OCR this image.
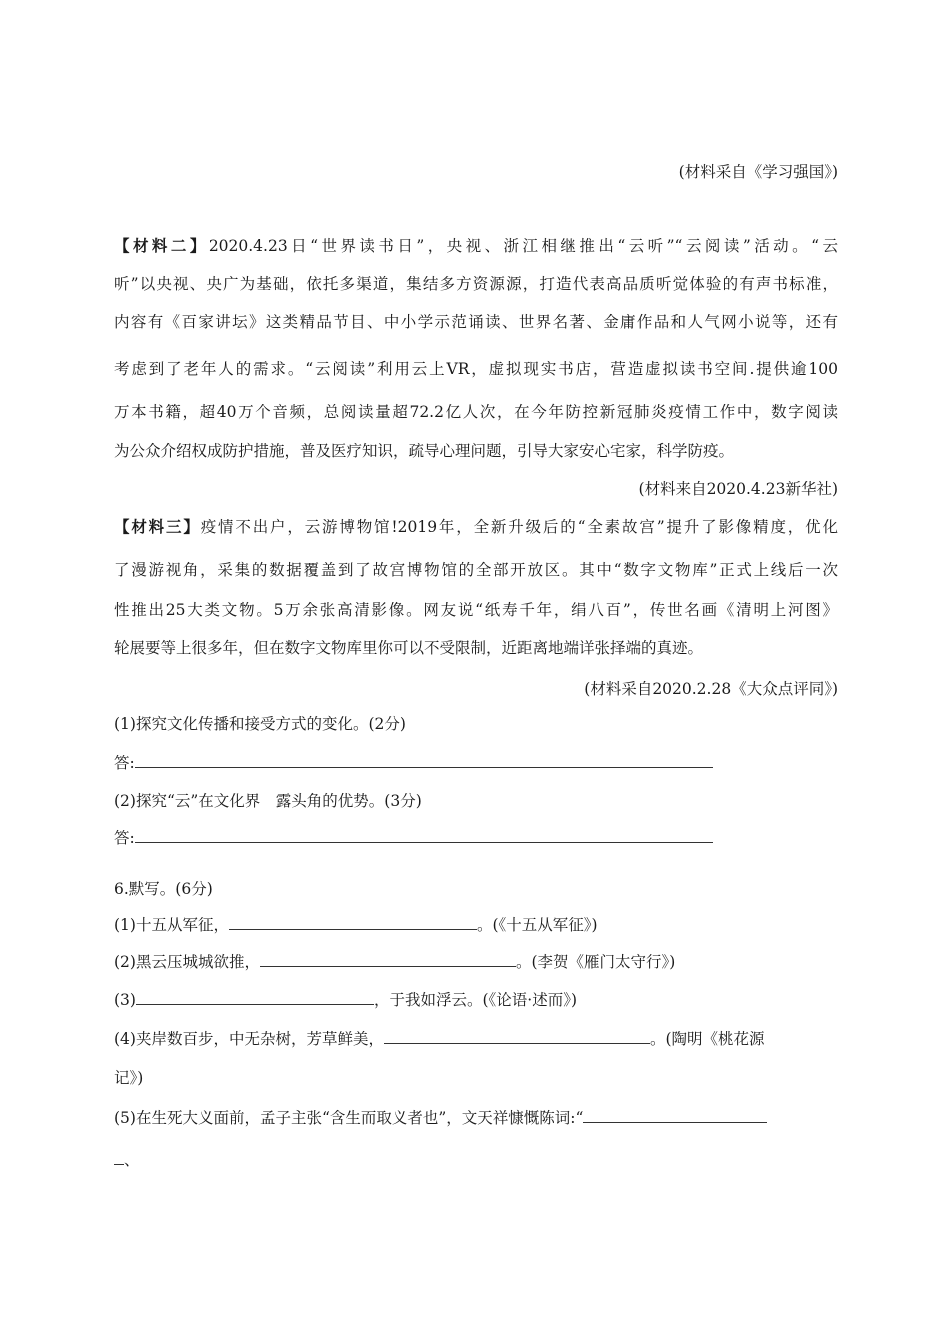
(材料采自《学习强国》)
【材料二】2020.4.23日“世界读书日”，央视、浙江相继推出“云听”“云阅读”活动。“云
听”以央视、央广为基础，依托多渠道，集结多方资源源，打造代表高品质听觉体验的有声书标准，
内容有《百家讲坛》这类精品节目、中小学示范诵读、世界名著、金庸作品和人气网小说等，还有
考虑到了老年人的需求。“云阅读”利用云上VR，虚拟现实书店，营造虚拟读书空间.提供逾100
万本书籍，超40万个音频，总阅读量超72.2亿人次，在今年防控新冠肺炎疫情工作中，数字阅读
为公众介绍权成防护措施，普及医疗知识，疏导心理问题，引导大家安心宅家，科学防疫。
(材料来自2020.4.23新华社)
【材料三】疫情不出户，云游博物馆!2019年，全新升级后的“全素故宫”提升了影像精度，优化
了漫游视角，采集的数据覆盖到了故宫博物馆的全部开放区。其中“数字文物库”正式上线后一次
性推出25大类文物。5万余张高清影像。网友说“纸寿千年，绢八百”，传世名画《清明上河图》
轮展要等上很多年，但在数字文物库里你可以不受限制，近距离地端详张择端的真迹。
(材料采自2020.2.28《大众点评同》)
(1)探究文化传播和接受方式的变化。(2分)
答:
(2)探究“云”在文化界　露头角的优势。(3分)
答:
6.默写。(6分)
(1)十五从军征，	。(《十五从军征》)
(2)黑云压城城欲推，	。(李贺《雁门太守行》)
(3)	，于我如浮云。(《论语·述而》)
(4)夹岸数百步，中无杂树，芳草鲜美，	。(陶明《桃花源
记》)
(5)在生死大义面前，孟子主张“含生而取义者也”，文天祥慷慨陈词:“
、
